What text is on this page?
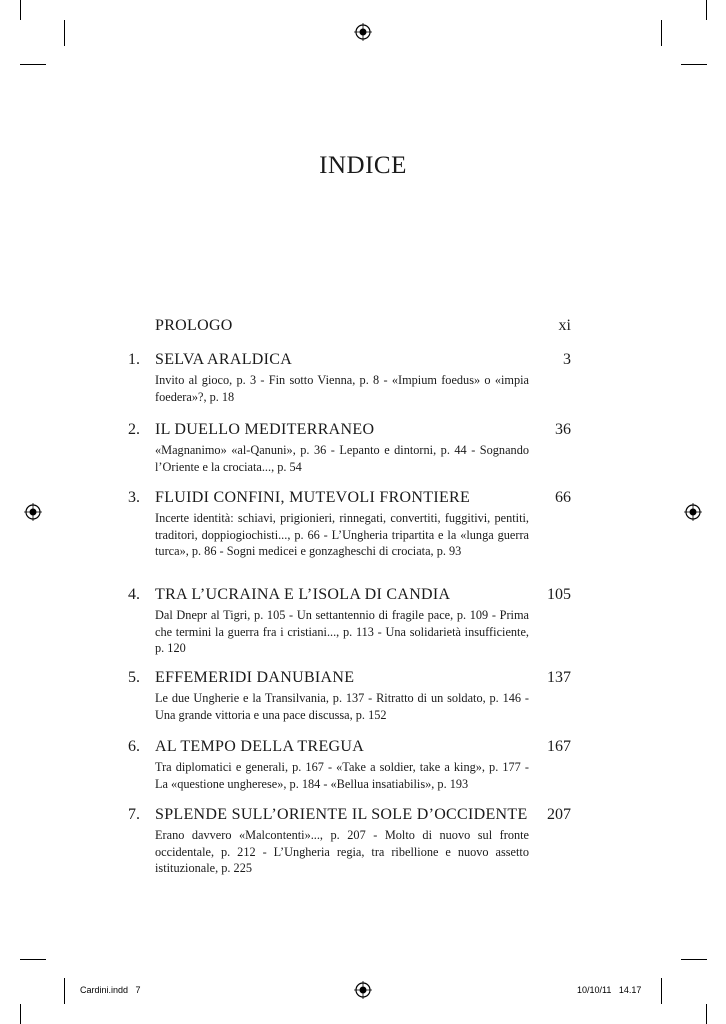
INDICE
PROLOGO	xi
1. SELVA ARALDICA	3
Invito al gioco, p. 3 - Fin sotto Vienna, p. 8 - «Impium foedus» o «impia foedera»?, p. 18
2. IL DUELLO MEDITERRANEO	36
«Magnanimo» «al-Qanuni», p. 36 - Lepanto e dintorni, p. 44 - Sognando l’Oriente e la crociata..., p. 54
3. FLUIDI CONFINI, MUTEVOLI FRONTIERE	66
Incerte identità: schiavi, prigionieri, rinnegati, convertiti, fuggitivi, pentiti, traditori, doppiogiochisti..., p. 66 - L’Ungheria tripartita e la «lunga guerra turca», p. 86 - Sogni medicei e gonzagheschi di crociata, p. 93
4. TRA L’UCRAINA E L’ISOLA DI CANDIA	105
Dal Dnepr al Tigri, p. 105 - Un settantennio di fragile pace, p. 109 - Prima che termini la guerra fra i cristiani..., p. 113 - Una solidarietà insufficiente, p. 120
5. EFFEMERIDI DANUBIANE	137
Le due Ungherie e la Transilvania, p. 137 - Ritratto di un soldato, p. 146 - Una grande vittoria e una pace discussa, p. 152
6. AL TEMPO DELLA TREGUA	167
Tra diplomatici e generali, p. 167 - «Take a soldier, take a king», p. 177 - La «questione ungherese», p. 184 - «Bellua insatiabilis», p. 193
7. SPLENDE SULL’ORIENTE IL SOLE D’OCCIDENTE 207
Erano davvero «Malcontenti»..., p. 207 - Molto di nuovo sul fronte occidentale, p. 212 - L’Ungheria regia, tra ribellione e nuovo assetto istituzionale, p. 225
Cardini.indd   7	10/10/11   14.17
